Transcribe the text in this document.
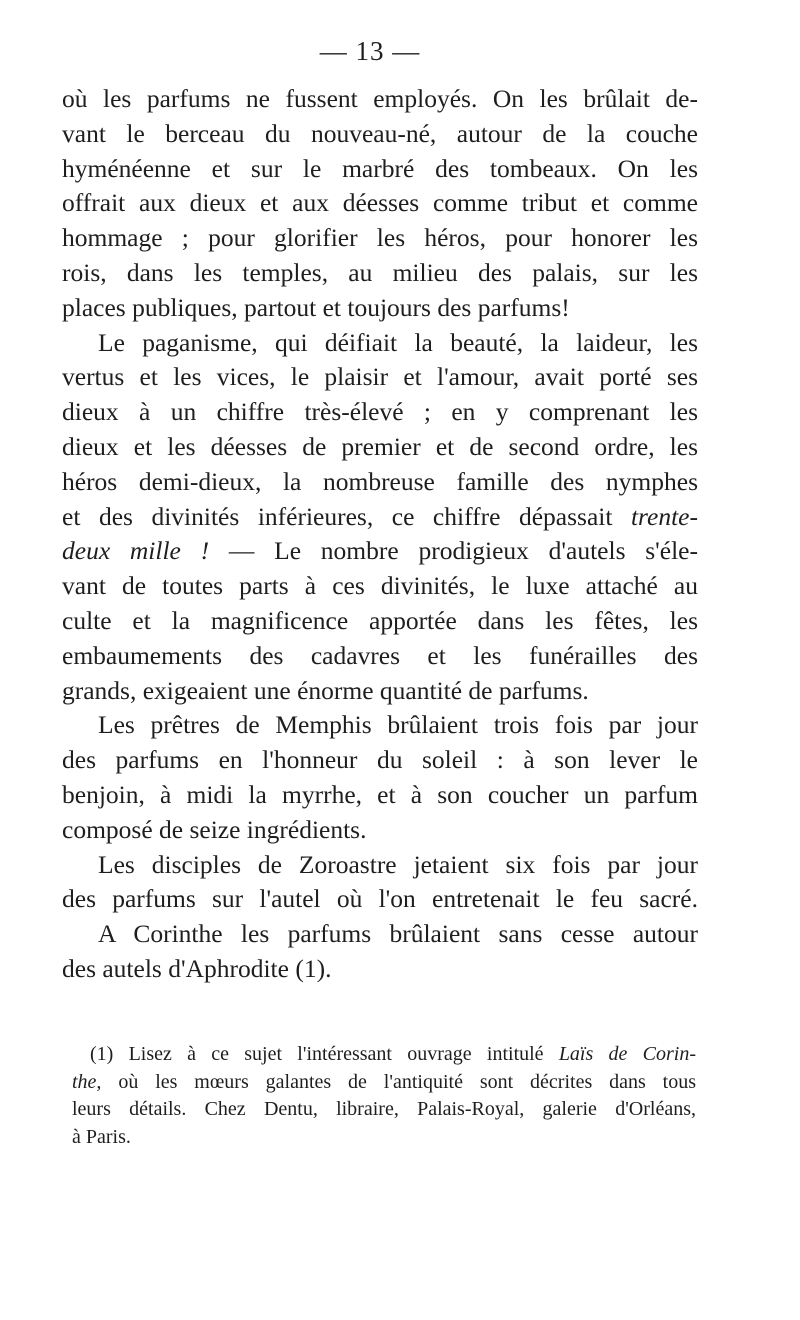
— 13 —
où les parfums ne fussent employés. On les brûlait de-
vant le berceau du nouveau-né, autour de la couche
hyménéenne et sur le marbré des tombeaux. On les
offrait aux dieux et aux déesses comme tribut et comme
hommage ; pour glorifier les héros, pour honorer les
rois, dans les temples, au milieu des palais, sur les
places publiques, partout et toujours des parfums!
Le paganisme, qui déifiait la beauté, la laideur, les
vertus et les vices, le plaisir et l'amour, avait porté ses
dieux à un chiffre très-élevé ; en y comprenant les
dieux et les déesses de premier et de second ordre, les
héros demi-dieux, la nombreuse famille des nymphes
et des divinités inférieures, ce chiffre dépassait trente-
deux mille ! — Le nombre prodigieux d'autels s'éle-
vant de toutes parts à ces divinités, le luxe attaché au
culte et la magnificence apportée dans les fêtes, les
embaumements des cadavres et les funérailles des
grands, exigeaient une énorme quantité de parfums.
Les prêtres de Memphis brûlaient trois fois par jour
des parfums en l'honneur du soleil : à son lever le
benjoin, à midi la myrrhe, et à son coucher un parfum
composé de seize ingrédients.
Les disciples de Zoroastre jetaient six fois par jour
des parfums sur l'autel où l'on entretenait le feu sacré.
A Corinthe les parfums brûlaient sans cesse autour
des autels d'Aphrodite (1).
(1) Lisez à ce sujet l'intéressant ouvrage intitulé Laïs de Corin-
the, où les mœurs galantes de l'antiquité sont décrites dans tous
leurs détails. Chez Dentu, libraire, Palais-Royal, galerie d'Orléans,
à Paris.
